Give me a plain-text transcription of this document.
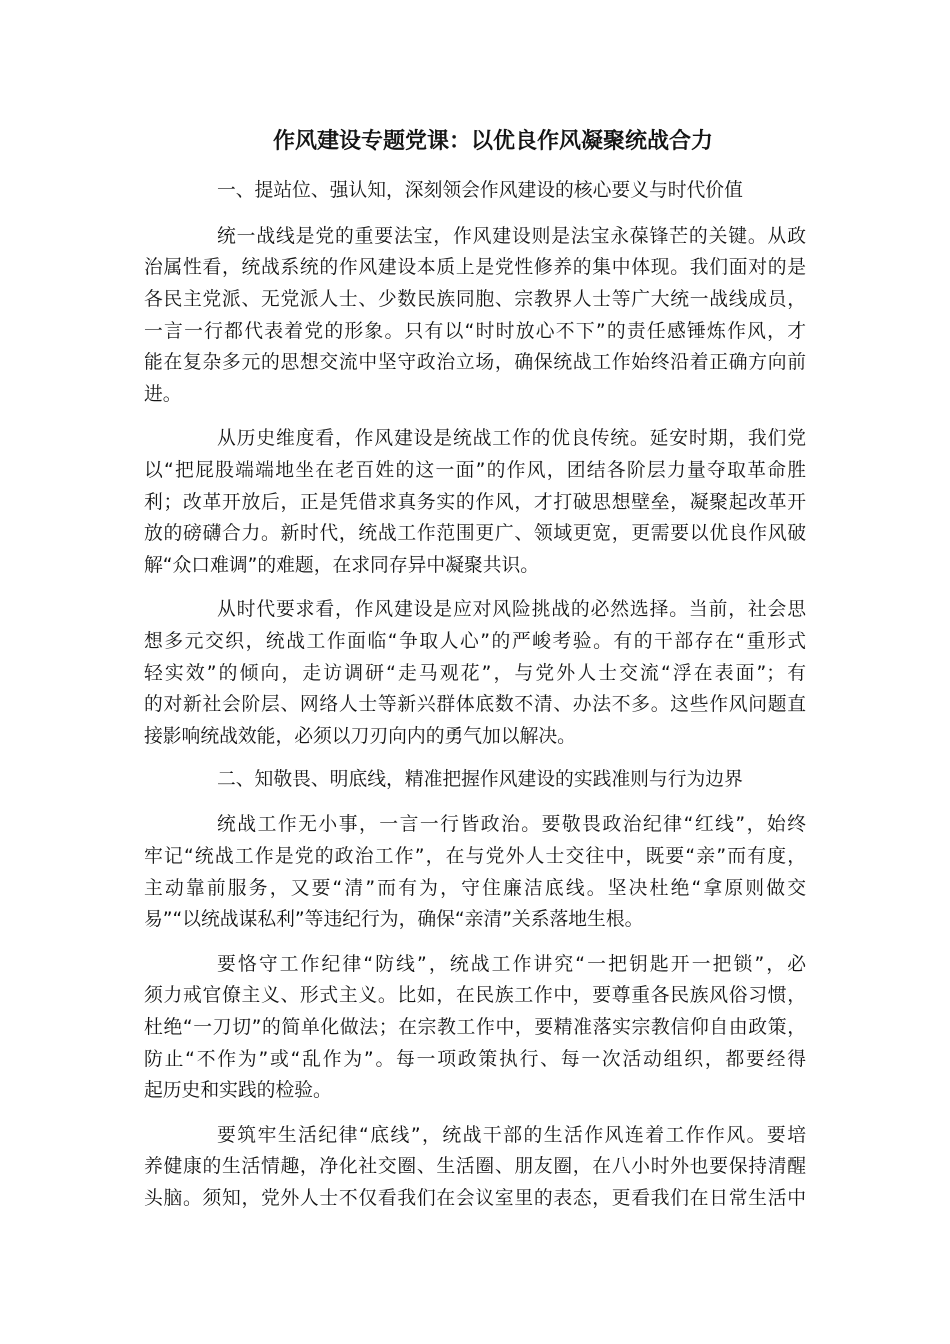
作风建设专题党课：以优良作风凝聚统战合力
一、提站位、强认知，深刻领会作风建设的核心要义与时代价值
统一战线是党的重要法宝，作风建设则是法宝永葆锋芒的关键。从政
治属性看，统战系统的作风建设本质上是党性修养的集中体现。我们面对的是
各民主党派、无党派人士、少数民族同胞、宗教界人士等广大统一战线成员，
一言一行都代表着党的形象。只有以“时时放心不下”的责任感锤炼作风，才
能在复杂多元的思想交流中坚守政治立场，确保统战工作始终沿着正确方向前
进。
从历史维度看，作风建设是统战工作的优良传统。延安时期，我们党
以“把屁股端端地坐在老百姓的这一面”的作风，团结各阶层力量夺取革命胜
利；改革开放后，正是凭借求真务实的作风，才打破思想壁垒，凝聚起改革开
放的磅礴合力。新时代，统战工作范围更广、领域更宽，更需要以优良作风破
解“众口难调”的难题，在求同存异中凝聚共识。
从时代要求看，作风建设是应对风险挑战的必然选择。当前，社会思
想多元交织，统战工作面临“争取人心”的严峻考验。有的干部存在“重形式
轻实效”的倾向，走访调研“走马观花”，与党外人士交流“浮在表面”；有
的对新社会阶层、网络人士等新兴群体底数不清、办法不多。这些作风问题直
接影响统战效能，必须以刀刃向内的勇气加以解决。
二、知敬畏、明底线，精准把握作风建设的实践准则与行为边界
统战工作无小事，一言一行皆政治。要敬畏政治纪律“红线”，始终
牢记“统战工作是党的政治工作”，在与党外人士交往中，既要“亲”而有度，
主动靠前服务，又要“清”而有为，守住廉洁底线。坚决杜绝“拿原则做交
易”“以统战谋私利”等违纪行为，确保“亲清”关系落地生根。
要恪守工作纪律“防线”，统战工作讲究“一把钥匙开一把锁”，必
须力戒官僚主义、形式主义。比如，在民族工作中，要尊重各民族风俗习惯，
杜绝“一刀切”的简单化做法；在宗教工作中，要精准落实宗教信仰自由政策，
防止“不作为”或“乱作为”。每一项政策执行、每一次活动组织，都要经得
起历史和实践的检验。
要筑牢生活纪律“底线”，统战干部的生活作风连着工作作风。要培
养健康的生活情趣，净化社交圈、生活圈、朋友圈，在八小时外也要保持清醒
头脑。须知，党外人士不仅看我们在会议室里的表态，更看我们在日常生活中
